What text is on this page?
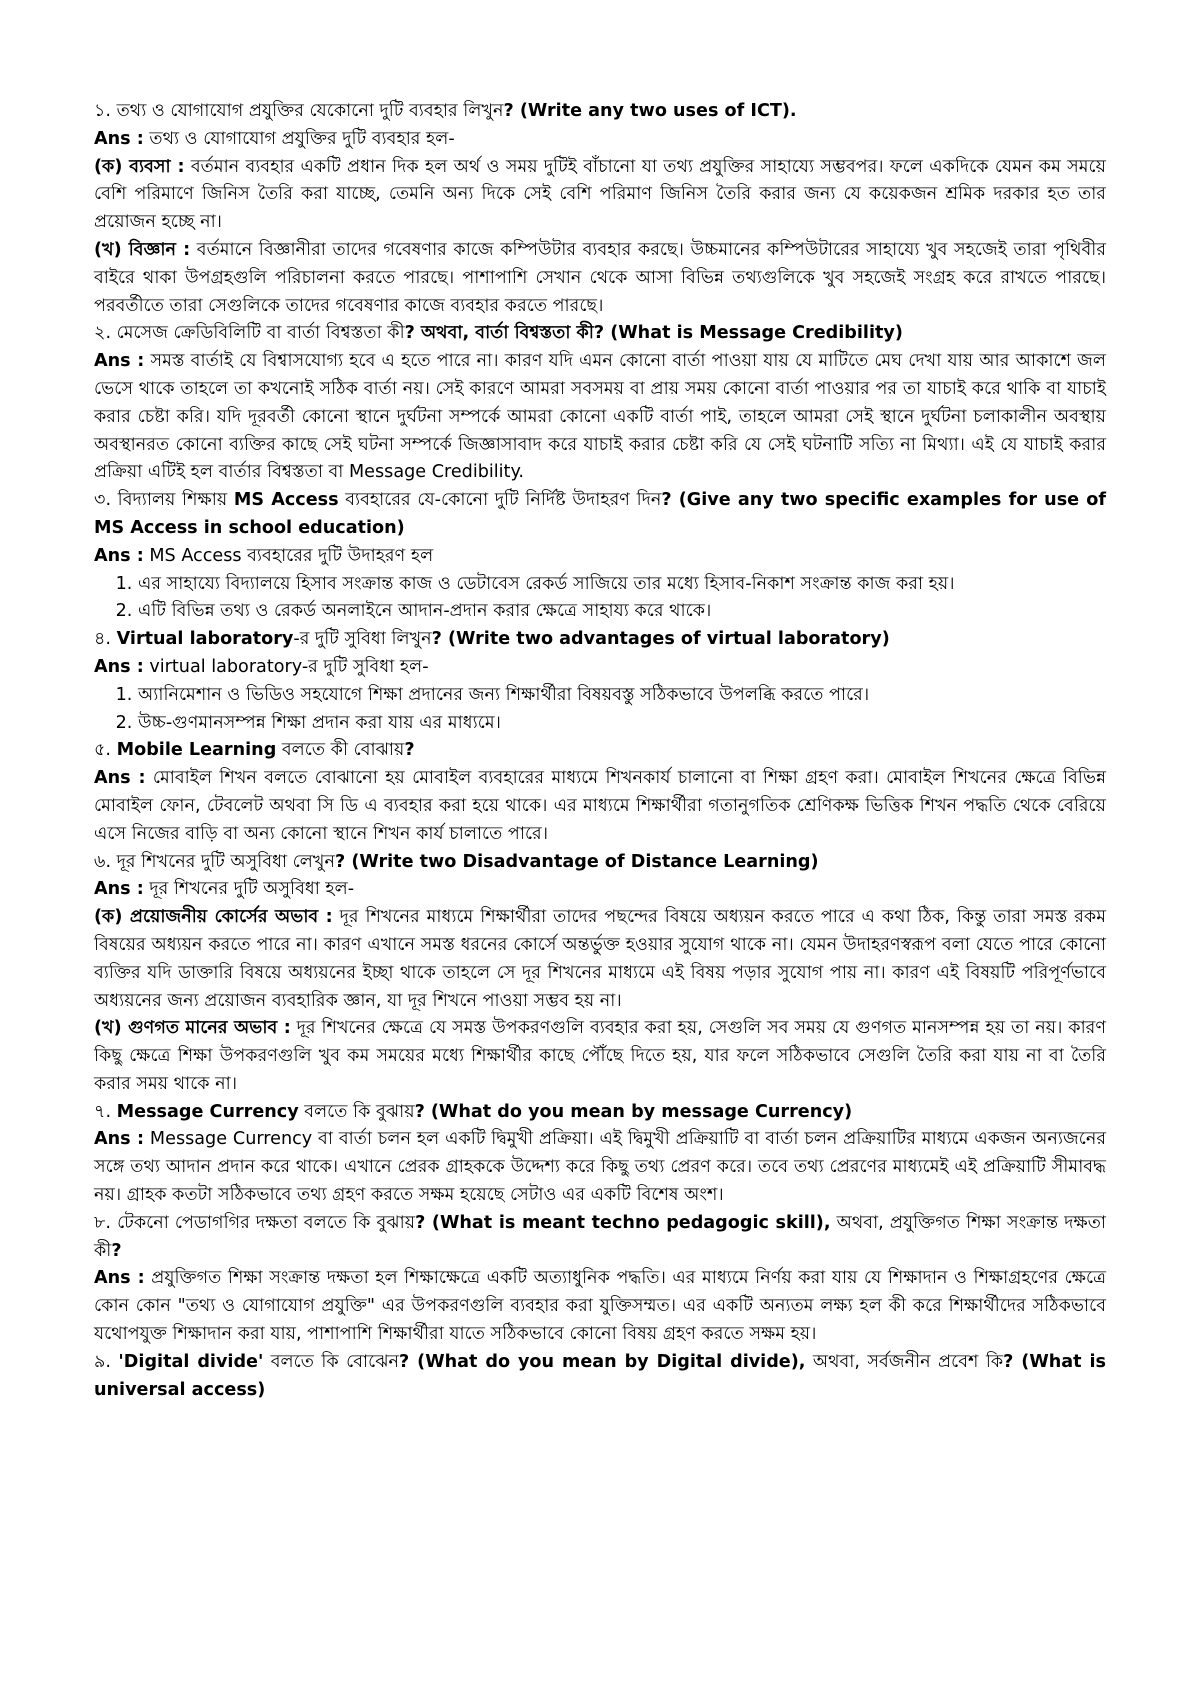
১. তথ্য ও যোগাযোগ প্রযুক্তির যেকোনো দুটি ব্যবহার লিখুন? (Write any two uses of ICT).

Ans : তথ্য ও যোগাযোগ প্রযুক্তির দুটি ব্যবহার হল-

(ক) ব্যবসা : বর্তমান ব্যবহার একটি প্রধান দিক হল অর্থ ও সময় দুটিই বাঁচানো যা তথ্য প্রযুক্তির সাহায্যে সম্ভবপর। ফলে একদিকে যেমন কম সময়ে বেশি পরিমাণে জিনিস তৈরি করা যাচ্ছে, তেমনি অন্য দিকে সেই বেশি পরিমাণ জিনিস তৈরি করার জন্য যে কয়েকজন শ্রমিক দরকার হত তার প্রয়োজন হচ্ছে না।

(খ) বিজ্ঞান : বর্তমানে বিজ্ঞানীরা তাদের গবেষণার কাজে কম্পিউটার ব্যবহার করছে। উচ্চমানের কম্পিউটারের সাহায্যে খুব সহজেই তারা পৃথিবীর বাইরে থাকা উপগ্রহগুলি পরিচালনা করতে পারছে। পাশাপাশি সেখান থেকে আসা বিভিন্ন তথ্যগুলিকে খুব সহজেই সংগ্রহ করে রাখতে পারছে। পরবর্তীতে তারা সেগুলিকে তাদের গবেষণার কাজে ব্যবহার করতে পারছে।

২. মেসেজ ক্রেডিবিলিটি বা বার্তা বিশ্বস্ততা কী? অথবা, বার্তা বিশ্বস্ততা কী? (What is Message Credibility)

Ans : সমস্ত বার্তাই যে বিশ্বাসযোগ্য হবে এ হতে পারে না। কারণ যদি এমন কোনো বার্তা পাওয়া যায় যে মাটিতে মেঘ দেখা যায় আর আকাশে জল ভেসে থাকে তাহলে তা কখনোই সঠিক বার্তা নয়। সেই কারণে আমরা সবসময় বা প্রায় সময় কোনো বার্তা পাওয়ার পর তা যাচাই করে থাকি বা যাচাই করার চেষ্টা করি। যদি দূরবর্তী কোনো স্থানে দুর্ঘটনা সম্পর্কে আমরা কোনো একটি বার্তা পাই, তাহলে আমরা সেই স্থানে দুর্ঘটনা চলাকালীন অবস্থায় অবস্থানরত কোনো ব্যক্তির কাছে সেই ঘটনা সম্পর্কে জিজ্ঞাসাবাদ করে যাচাই করার চেষ্টা করি যে সেই ঘটনাটি সত্যি না মিথ্যা। এই যে যাচাই করার প্রক্রিয়া এটিই হল বার্তার বিশ্বস্ততা বা Message Credibility.

৩. বিদ্যালয় শিক্ষায় MS Access ব্যবহারের যে-কোনো দুটি নির্দিষ্ট উদাহরণ দিন? (Give any two specific examples for use of MS Access in school education)

Ans : MS Access ব্যবহারের দুটি উদাহরণ হল

1. এর সাহায্যে বিদ্যালয়ে হিসাব সংক্রান্ত কাজ ও ডেটাবেস রেকর্ড সাজিয়ে তার মধ্যে হিসাব-নিকাশ সংক্রান্ত কাজ করা হয়।
2. এটি বিভিন্ন তথ্য ও রেকর্ড অনলাইনে আদান-প্রদান করার ক্ষেত্রে সাহায্য করে থাকে।

৪. Virtual laboratory-র দুটি সুবিধা লিখুন? (Write two advantages of virtual laboratory)

Ans : virtual laboratory-র দুটি সুবিধা হল-

1. অ্যানিমেশান ও ভিডিও সহযোগে শিক্ষা প্রদানের জন্য শিক্ষার্থীরা বিষয়বস্তু সঠিকভাবে উপলব্ধি করতে পারে।
2. উচ্চ-গুণমানসম্পন্ন শিক্ষা প্রদান করা যায় এর মাধ্যমে।

৫. Mobile Learning বলতে কী বোঝায়?

Ans : মোবাইল শিখন বলতে বোঝানো হয় মোবাইল ব্যবহারের মাধ্যমে শিখনকার্য চালানো বা শিক্ষা গ্রহণ করা। মোবাইল শিখনের ক্ষেত্রে বিভিন্ন মোবাইল ফোন, টেবলেট অথবা সি ডি এ ব্যবহার করা হয়ে থাকে। এর মাধ্যমে শিক্ষার্থীরা গতানুগতিক শ্রেণিকক্ষ ভিত্তিক শিখন পদ্ধতি থেকে বেরিয়ে এসে নিজের বাড়ি বা অন্য কোনো স্থানে শিখন কার্য চালাতে পারে।

৬. দূর শিখনের দুটি অসুবিধা লেখুন? (Write two Disadvantage of Distance Learning)

Ans : দূর শিখনের দুটি অসুবিধা হল-

(ক) প্রয়োজনীয় কোর্সের অভাব : দূর শিখনের মাধ্যমে শিক্ষার্থীরা তাদের পছন্দের বিষয়ে অধ্যয়ন করতে পারে এ কথা ঠিক, কিন্তু তারা সমস্ত রকম বিষয়ের অধ্যয়ন করতে পারে না। কারণ এখানে সমস্ত ধরনের কোর্সে অন্তর্ভুক্ত হওয়ার সুযোগ থাকে না। যেমন উদাহরণস্বরূপ বলা যেতে পারে কোনো ব্যক্তির যদি ডাক্তারি বিষয়ে অধ্যয়নের ইচ্ছা থাকে তাহলে সে দূর শিখনের মাধ্যমে এই বিষয় পড়ার সুযোগ পায় না। কারণ এই বিষয়টি পরিপূর্ণভাবে অধ্যয়নের জন্য প্রয়োজন ব্যবহারিক জ্ঞান, যা দূর শিখনে পাওয়া সম্ভব হয় না।

(খ) গুণগত মানের অভাব : দূর শিখনের ক্ষেত্রে যে সমস্ত উপকরণগুলি ব্যবহার করা হয়, সেগুলি সব সময় যে গুণগত মানসম্পন্ন হয় তা নয়। কারণ কিছু ক্ষেত্রে শিক্ষা উপকরণগুলি খুব কম সময়ের মধ্যে শিক্ষার্থীর কাছে পৌঁছে দিতে হয়, যার ফলে সঠিকভাবে সেগুলি তৈরি করা যায় না বা তৈরি করার সময় থাকে না।

৭. Message Currency বলতে কি বুঝায়? (What do you mean by message Currency)

Ans : Message Currency বা বার্তা চলন হল একটি দ্বিমুখী প্রক্রিয়া। এই দ্বিমুখী প্রক্রিয়াটি বা বার্তা চলন প্রক্রিয়াটির মাধ্যমে একজন অন্যজনের সঙ্গে তথ্য আদান প্রদান করে থাকে। এখানে প্রেরক গ্রাহককে উদ্দেশ্য করে কিছু তথ্য প্রেরণ করে। তবে তথ্য প্রেরণের মাধ্যমেই এই প্রক্রিয়াটি সীমাবদ্ধ নয়। গ্রাহক কতটা সঠিকভাবে তথ্য গ্রহণ করতে সক্ষম হয়েছে সেটাও এর একটি বিশেষ অংশ।

৮. টেকনো পেডাগগির দক্ষতা বলতে কি বুঝায়? (What is meant techno pedagogic skill), অথবা, প্রযুক্তিগত শিক্ষা সংক্রান্ত দক্ষতা কী?

Ans : প্রযুক্তিগত শিক্ষা সংক্রান্ত দক্ষতা হল শিক্ষাক্ষেত্রে একটি অত্যাধুনিক পদ্ধতি। এর মাধ্যমে নির্ণয় করা যায় যে শিক্ষাদান ও শিক্ষাগ্রহণের ক্ষেত্রে কোন কোন "তথ্য ও যোগাযোগ প্রযুক্তি" এর উপকরণগুলি ব্যবহার করা যুক্তিসম্মত। এর একটি অন্যতম লক্ষ্য হল কী করে শিক্ষার্থীদের সঠিকভাবে যথোপযুক্ত শিক্ষাদান করা যায়, পাশাপাশি শিক্ষার্থীরা যাতে সঠিকভাবে কোনো বিষয় গ্রহণ করতে সক্ষম হয়।

৯. 'Digital divide' বলতে কি বোঝেন? (What do you mean by Digital divide), অথবা, সর্বজনীন প্রবেশ কি? (What is universal access)
